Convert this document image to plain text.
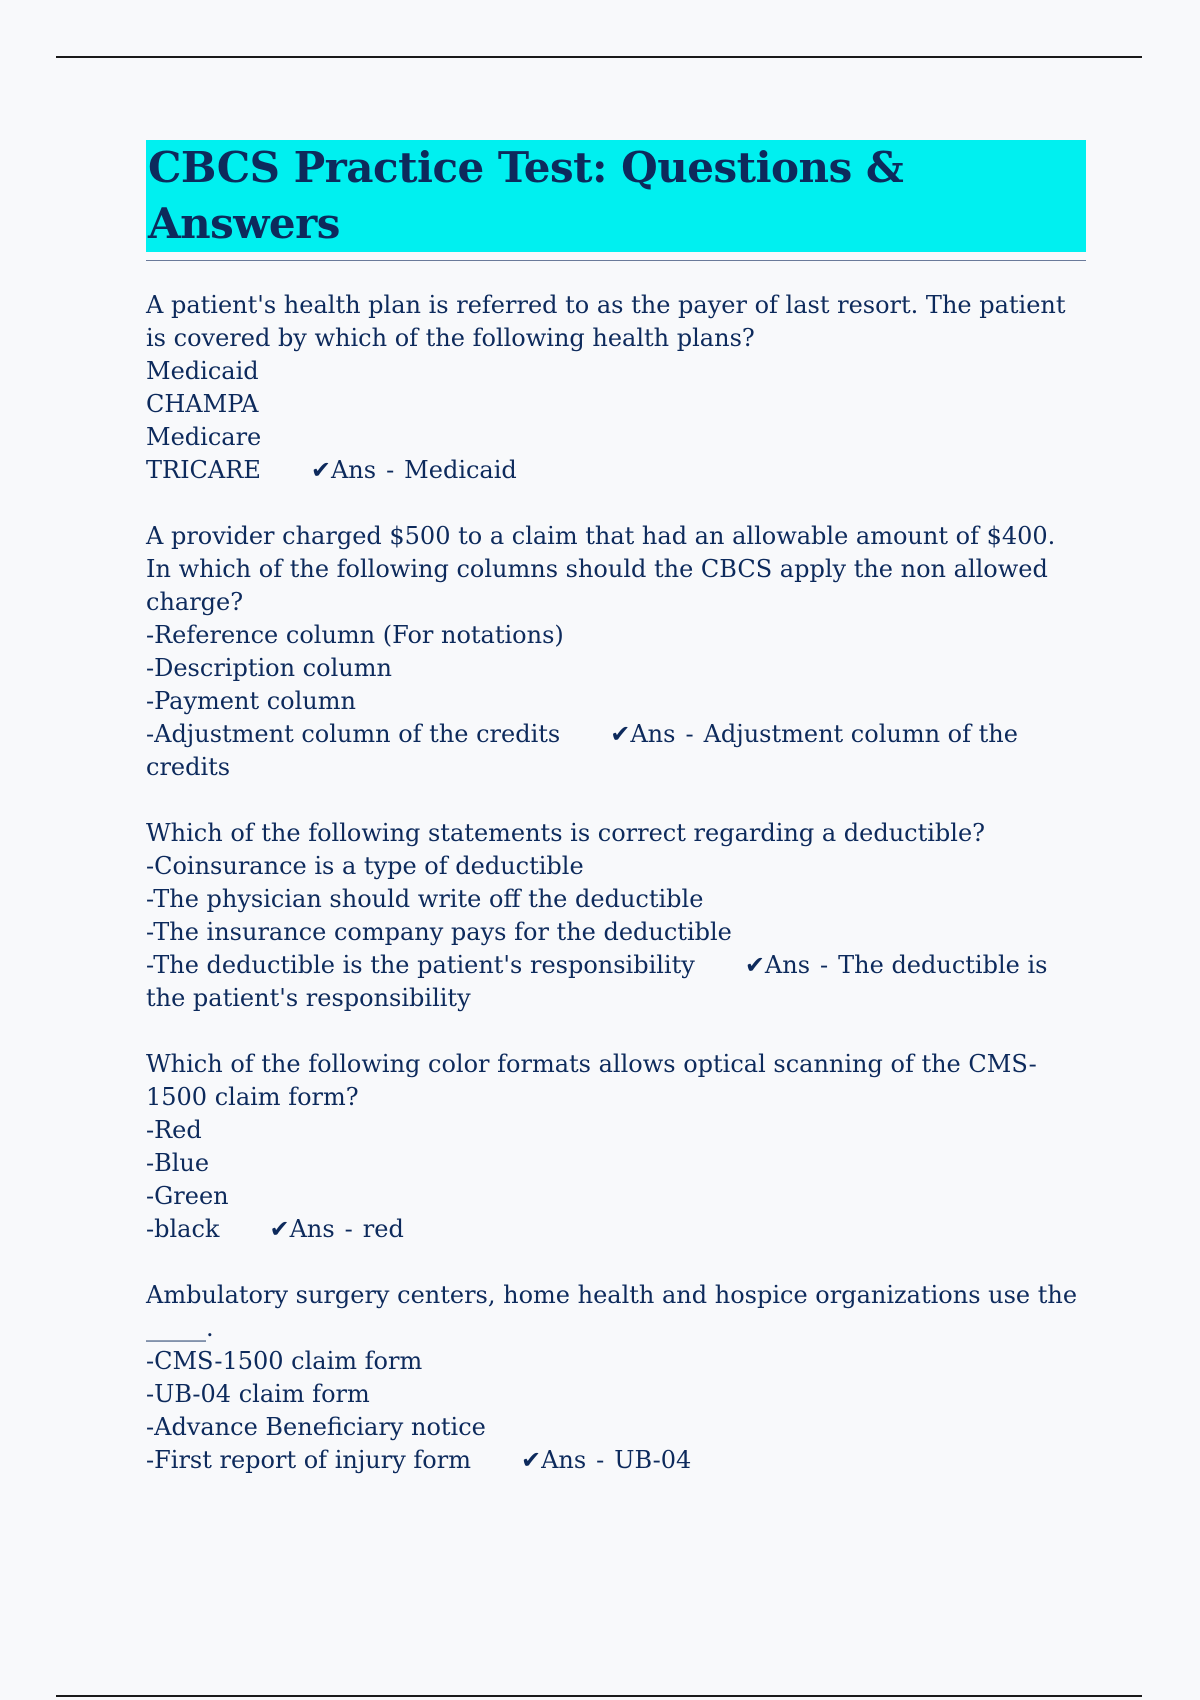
CBCS Practice Test: Questions & Answers
A patient's health plan is referred to as the payer of last resort. The patient is covered by which of the following health plans?
Medicaid
CHAMPA
Medicare
TRICARE ✔Ans - Medicaid
A provider charged $500 to a claim that had an allowable amount of $400. In which of the following columns should the CBCS apply the non allowed charge?
-Reference column (For notations)
-Description column
-Payment column
-Adjustment column of the credits ✔Ans - Adjustment column of the credits
Which of the following statements is correct regarding a deductible?
-Coinsurance is a type of deductible
-The physician should write off the deductible
-The insurance company pays for the deductible
-The deductible is the patient's responsibility ✔Ans - The deductible is the patient's responsibility
Which of the following color formats allows optical scanning of the CMS-1500 claim form?
-Red
-Blue
-Green
-black ✔Ans - red
Ambulatory surgery centers, home health and hospice organizations use the _____.
-CMS-1500 claim form
-UB-04 claim form
-Advance Beneficiary notice
-First report of injury form ✔Ans - UB-04
